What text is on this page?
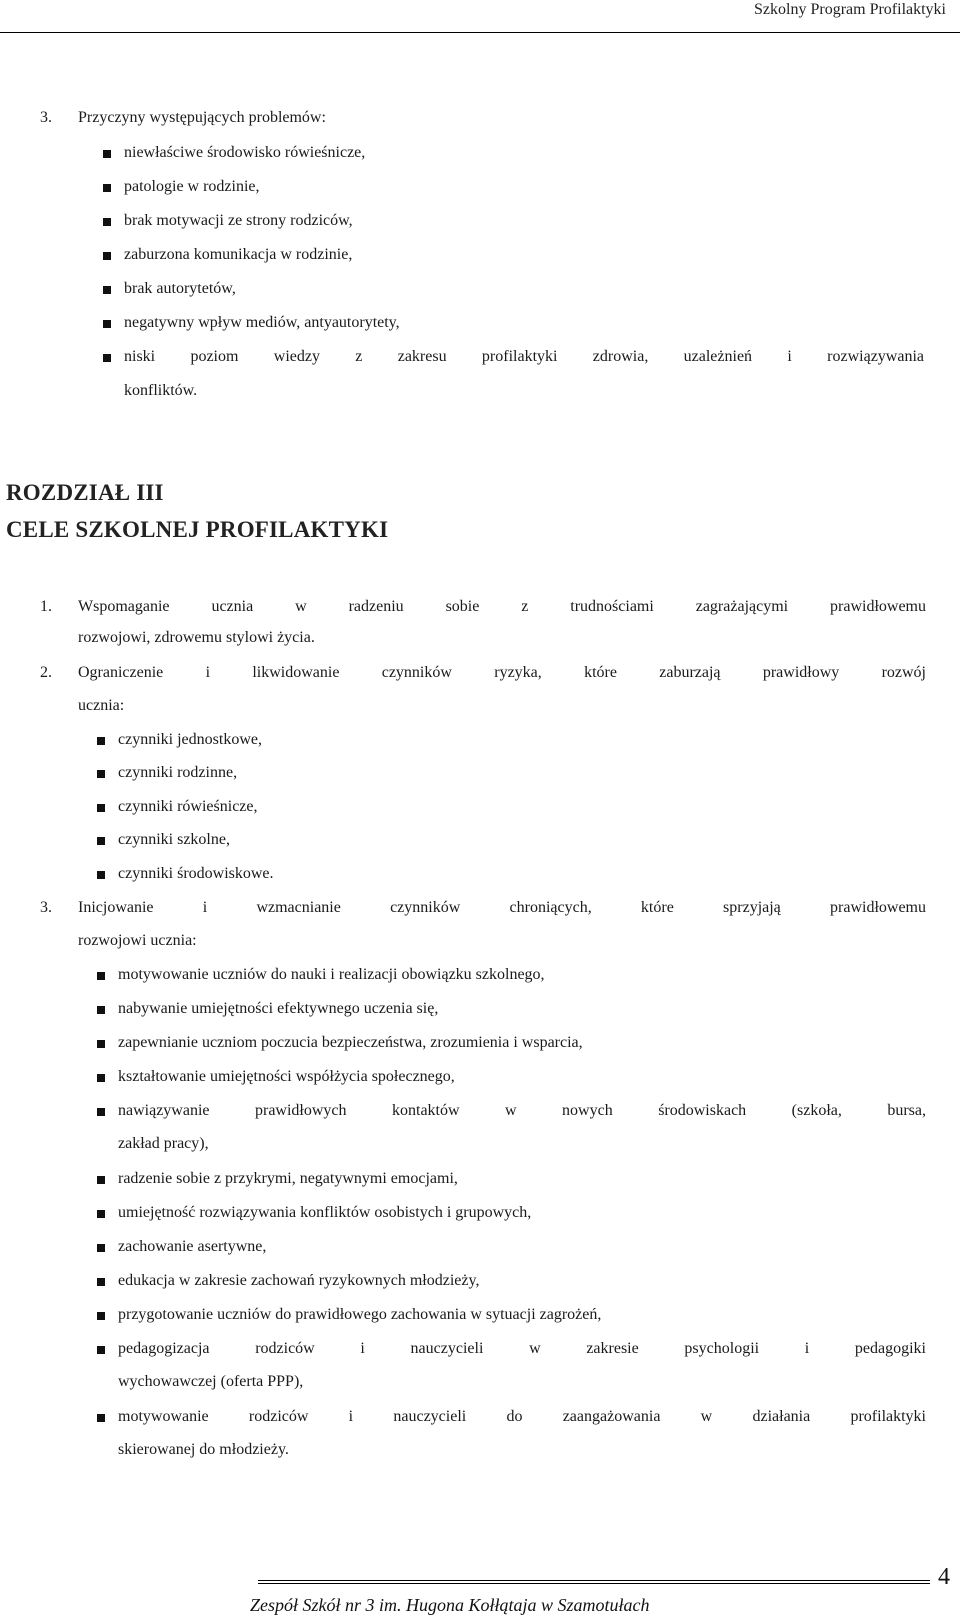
Szkolny Program Profilaktyki
3. Przyczyny występujących problemów:
niewłaściwe środowisko rówieśnicze,
patologie w rodzinie,
brak motywacji ze strony rodziców,
zaburzona komunikacja w rodzinie,
brak autorytetów,
negatywny wpływ mediów, antyautorytety,
niski poziom wiedzy z zakresu profilaktyki zdrowia, uzależnień i rozwiązywania
konfliktów.
ROZDZIAŁ III
CELE SZKOLNEJ PROFILAKTYKI
1. Wspomaganie ucznia w radzeniu sobie z trudnościami zagrażającymi prawidłowemu
rozwojowi, zdrowemu stylowi życia.
2. Ograniczenie i likwidowanie czynników ryzyka, które zaburzają prawidłowy rozwój
ucznia:
czynniki jednostkowe,
czynniki rodzinne,
czynniki rówieśnicze,
czynniki szkolne,
czynniki środowiskowe.
3. Inicjowanie i wzmacnianie czynników chroniących, które sprzyjają prawidłowemu
rozwojowi ucznia:
motywowanie uczniów do nauki i realizacji obowiązku szkolnego,
nabywanie umiejętności efektywnego uczenia się,
zapewnianie uczniom poczucia bezpieczeństwa, zrozumienia i wsparcia,
kształtowanie umiejętności współżycia społecznego,
nawiązywanie prawidłowych kontaktów w nowych środowiskach (szkoła, bursa,
zakład pracy),
radzenie sobie z przykrymi, negatywnymi emocjami,
umiejętność rozwiązywania konfliktów osobistych i grupowych,
zachowanie asertywne,
edukacja w zakresie zachowań ryzykownych młodzieży,
przygotowanie uczniów do prawidłowego zachowania w sytuacji zagrożeń,
pedagogizacja rodziców i nauczycieli w zakresie psychologii i pedagogiki
wychowawczej (oferta PPP),
motywowanie rodziców i nauczycieli do zaangażowania w działania profilaktyki
skierowanej do młodzieży.
Zespół Szkół nr 3 im. Hugona Kołłątaja w Szamotułach
4
